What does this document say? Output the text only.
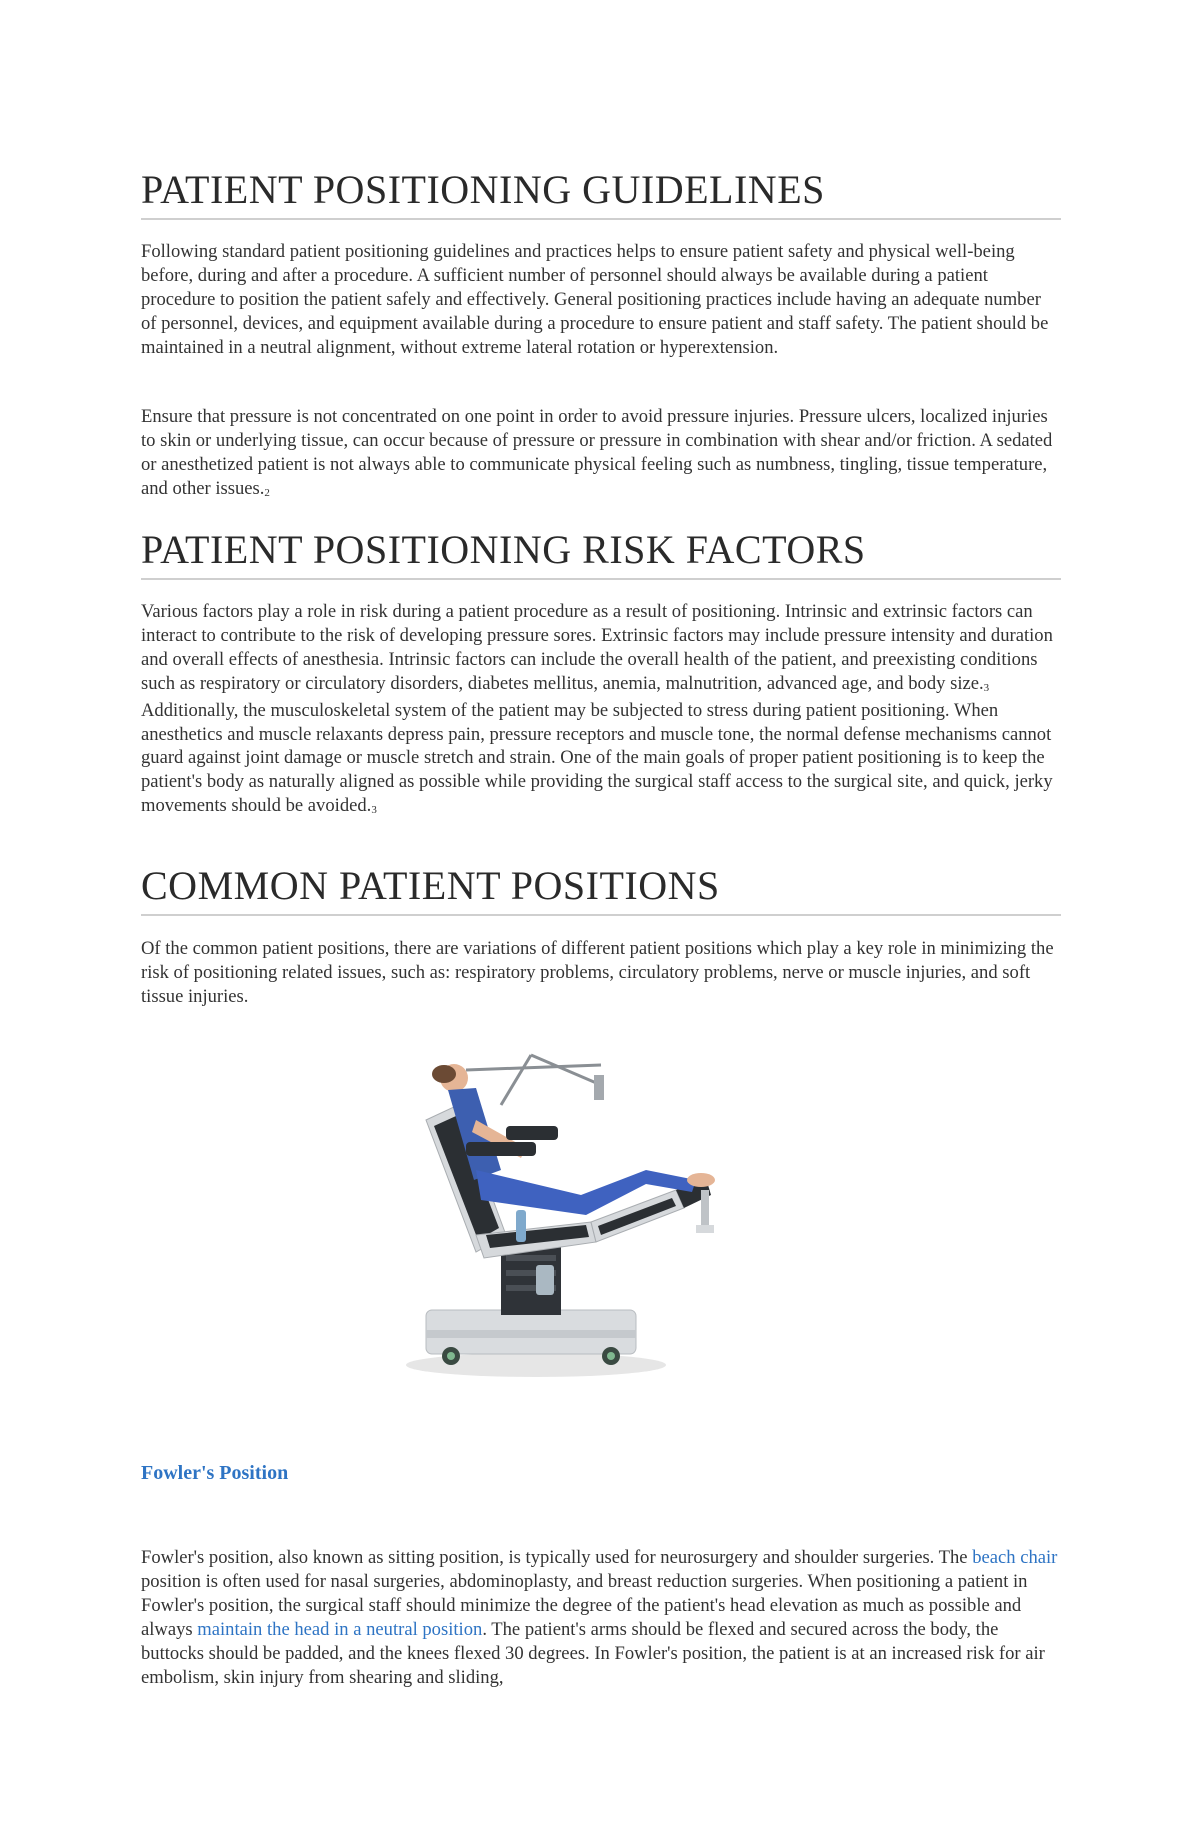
PATIENT POSITIONING GUIDELINES

Following standard patient positioning guidelines and practices helps to ensure patient safety and physical well-being before, during and after a procedure. A sufficient number of personnel should always be available during a patient procedure to position the patient safely and effectively. General positioning practices include having an adequate number of personnel, devices, and equipment available during a procedure to ensure patient and staff safety. The patient should be maintained in a neutral alignment, without extreme lateral rotation or hyperextension.

Ensure that pressure is not concentrated on one point in order to avoid pressure injuries. Pressure ulcers, localized injuries to skin or underlying tissue, can occur because of pressure or pressure in combination with shear and/or friction. A sedated or anesthetized patient is not always able to communicate physical feeling such as numbness, tingling, tissue temperature, and other issues.$^2$

PATIENT POSITIONING RISK FACTORS

Various factors play a role in risk during a patient procedure as a result of positioning. Intrinsic and extrinsic factors can interact to contribute to the risk of developing pressure sores. Extrinsic factors may include pressure intensity and duration and overall effects of anesthesia. Intrinsic factors can include the overall health of the patient, and preexisting conditions such as respiratory or circulatory disorders, diabetes mellitus, anemia, malnutrition, advanced age, and body size.$^3$ Additionally, the musculoskeletal system of the patient may be subjected to stress during patient positioning. When anesthetics and muscle relaxants depress pain, pressure receptors and muscle tone, the normal defense mechanisms cannot guard against joint damage or muscle stretch and strain. One of the main goals of proper patient positioning is to keep the patient's body as naturally aligned as possible while providing the surgical staff access to the surgical site, and quick, jerky movements should be avoided.$^3$

COMMON PATIENT POSITIONS

Of the common patient positions, there are variations of different patient positions which play a key role in minimizing the risk of positioning related issues, such as: respiratory problems, circulatory problems, nerve or muscle injuries, and soft tissue injuries.

Fowler's Position

Fowler's position, also known as sitting position, is typically used for neurosurgery and shoulder surgeries. The beach chair position is often used for nasal surgeries, abdominoplasty, and breast reduction surgeries. When positioning a patient in Fowler's position, the surgical staff should minimize the degree of the patient's head elevation as much as possible and always maintain the head in a neutral position. The patient's arms should be flexed and secured across the body, the buttocks should be padded, and the knees flexed 30 degrees. In Fowler's position, the patient is at an increased risk for air embolism, skin injury from shearing and sliding,
